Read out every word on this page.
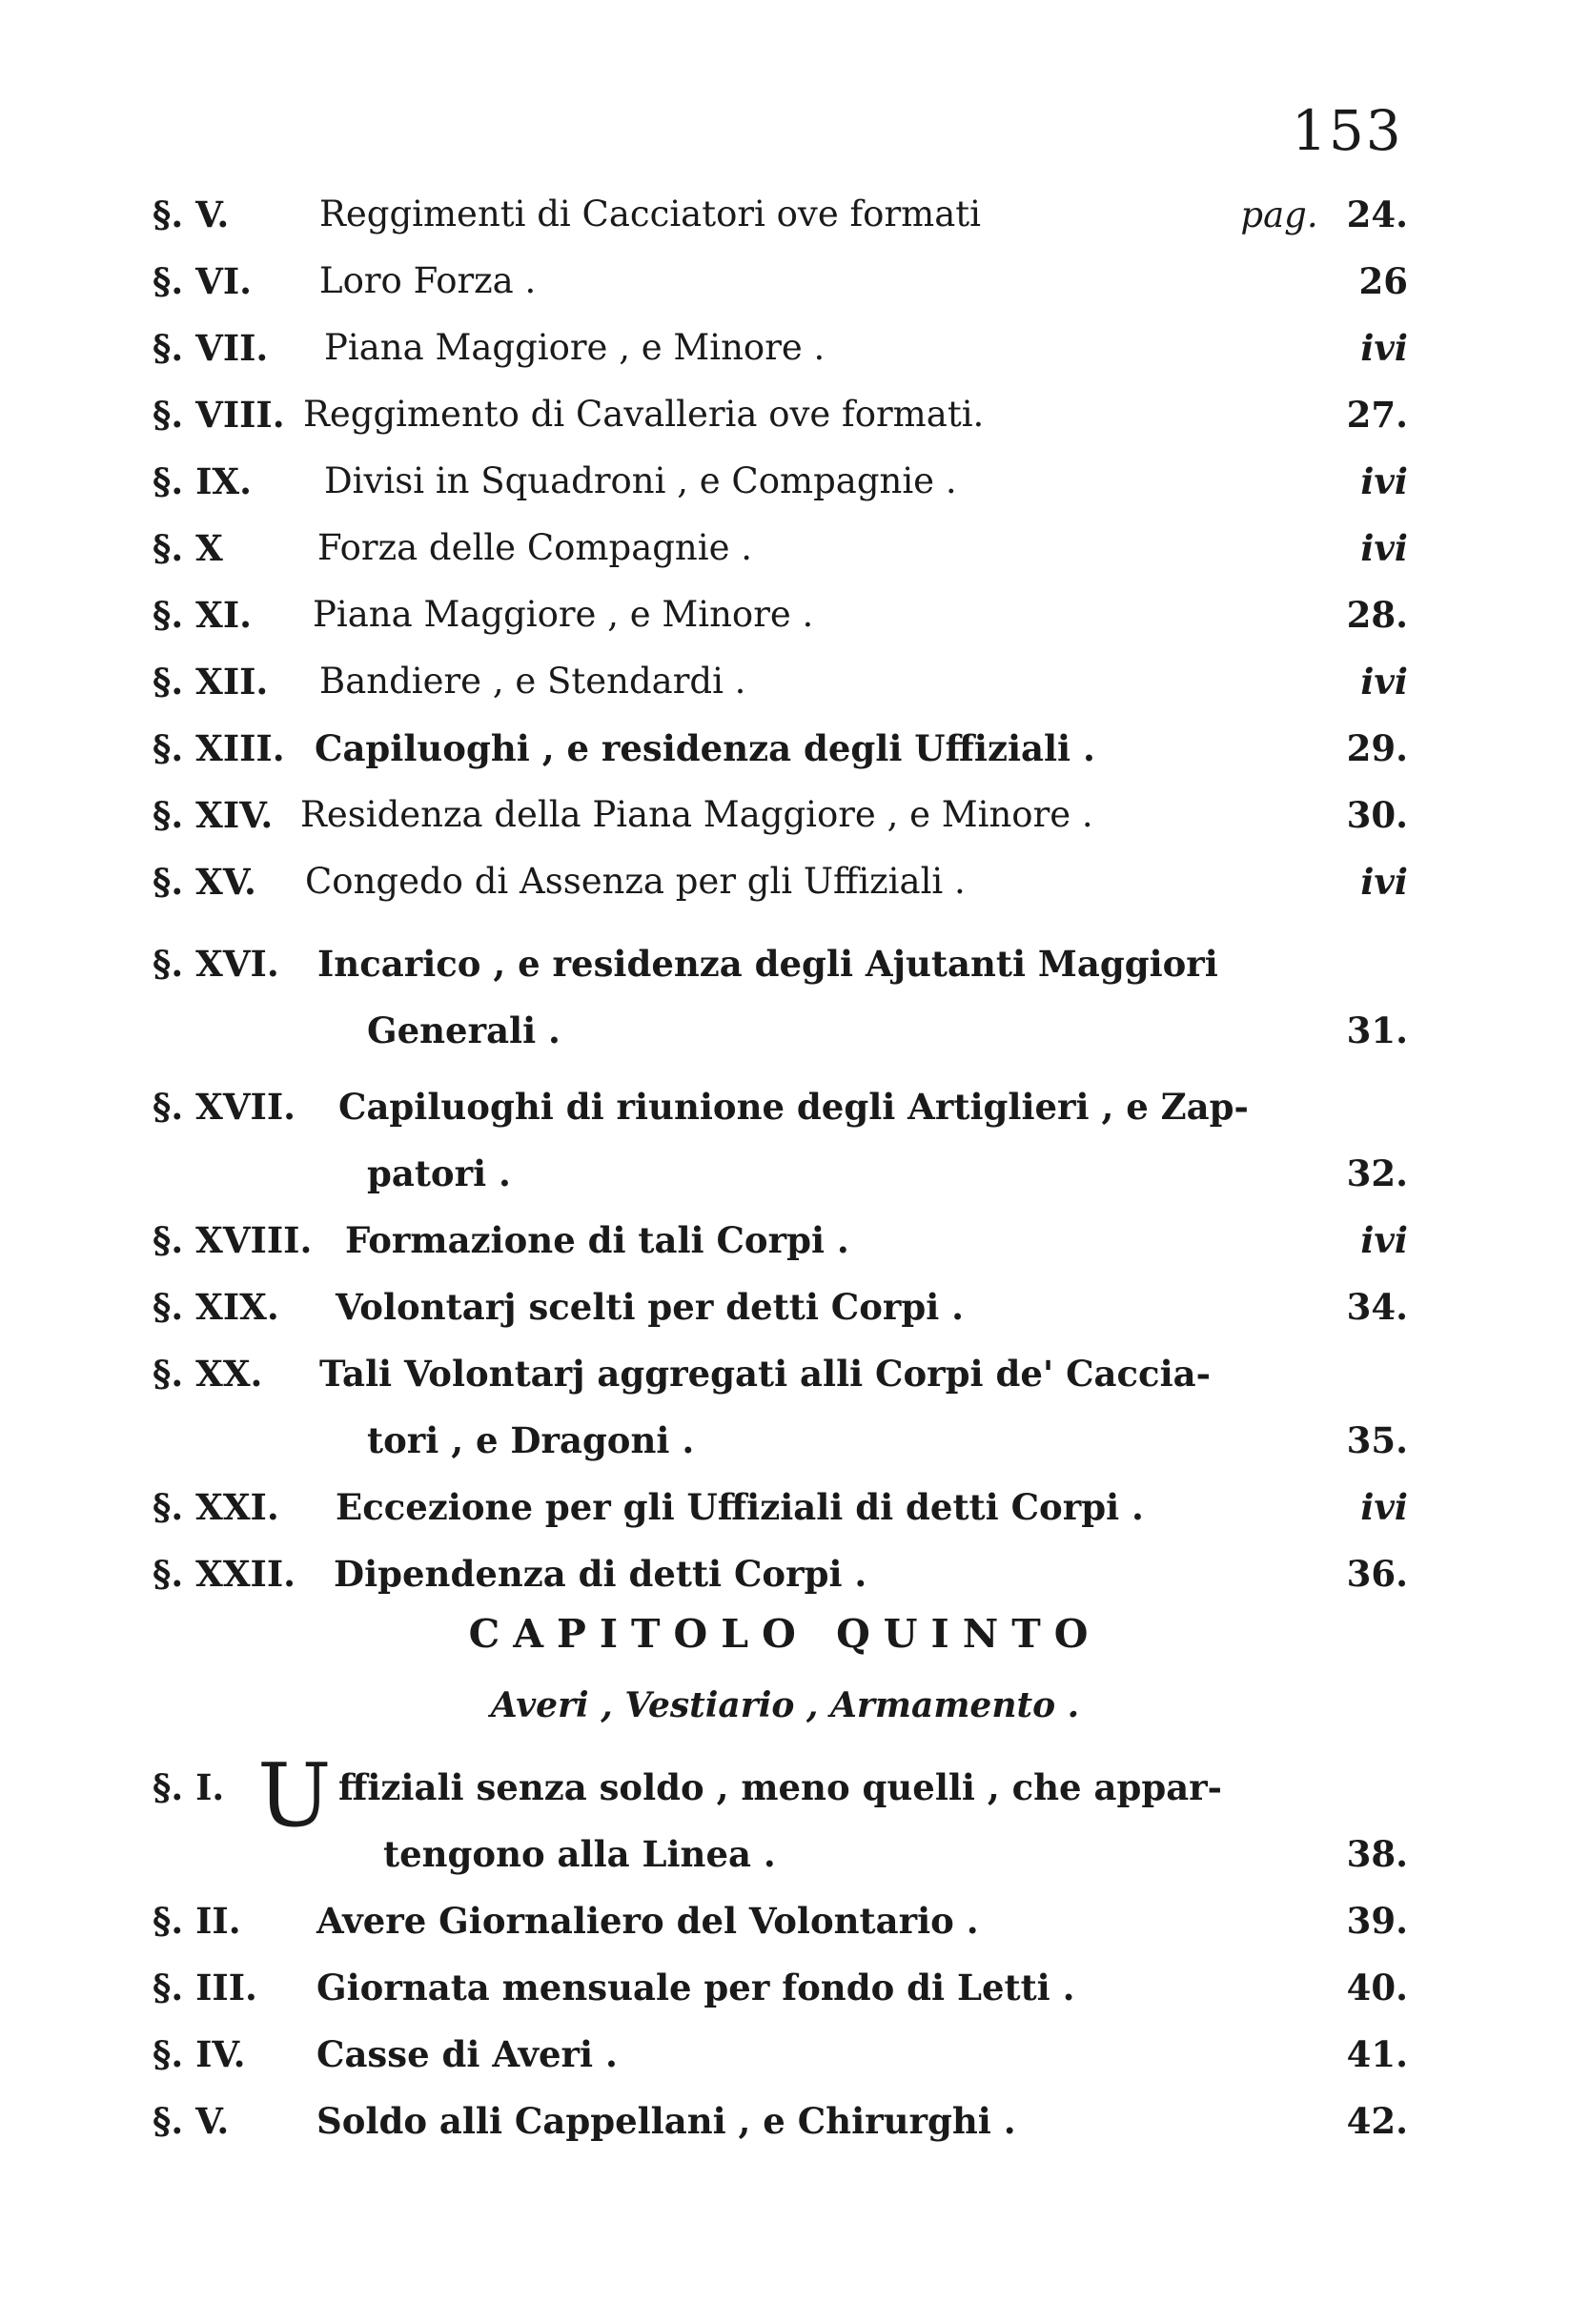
153
§. V.	Reggimenti di Cacciatori ove formati	pag. 24.
§. VI.	Loro Forza .	26
§. VII.	Piana Maggiore , e Minore .	ivi
§. VIII. Reggimento di Cavalleria ove formati.	27.
§. IX.	Divisi in Squadroni , e Compagnie .	ivi
§. X	Forza delle Compagnie .	ivi
§. XI.	Piana Maggiore , e Minore .	28.
§. XII.	Bandiere , e Stendardi .	ivi
§. XIII. Capiluoghi , e residenza degli Uffiziali .	29.
§. XIV. Residenza della Piana Maggiore , e Minore .	30.
§. XV.	Congedo di Assenza per gli Uffiziali .	ivi
§. XVI.	Incarico , e residenza degli Ajutanti Maggiori
Generali .	31.
§. XVII. Capiluoghi di riunione degli Artiglieri , e Zap-
patori .	32.
§. XVIII. Formazione di tali Corpi .	ivi
§. XIX.	Volontarj scelti per detti Corpi .	34.
§. XX.	Tali Volontarj aggregati alli Corpi de' Caccia-
tori , e Dragoni .	35.
§. XXI.	Eccezione per gli Uffiziali di detti Corpi .	ivi
§. XXII. Dipendenza di detti Corpi .	36.
CAPITOLO QUINTO
Averi , Vestiario , Armamento .
§. I.	ffiziali senza soldo , meno quelli , che appar-
U
tengono alla Linea .	38.
§. II.	Avere Giornaliero del Volontario .	39.
§. III.	Giornata mensuale per fondo di Letti .	40.
§. IV.	Casse di Averi .	41.
§. V.	Soldo alli Cappellani , e Chirurghi .	42.
